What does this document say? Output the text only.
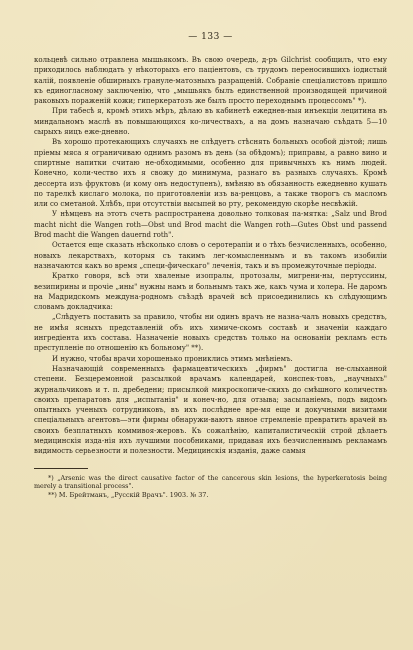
— 133 —

кольцевѣ сильно отравлена мышьякомъ. Въ свою очередь, д-ръ Gilchrist сообщилъ, что ему приходилось наблюдать у нѣкоторыхъ его пацiентовъ, съ трудомъ переносившихъ iодистый калiй, появленiе обширныхъ грануле-матозныхъ разращенiй. Собранiе спецiалистовъ пришло къ единогласному заключенiю, что „мышьякъ былъ единственной производящей причиной раковыхъ пораженiй кожи; гиперкератозъ же былъ просто переходнымъ процессомъ" *).

При табесѣ я, кромѣ этихъ мѣръ, дѣлаю въ кабинетѣ ежеднев-ныя инъекцiи лецитина въ миндальномъ маслѣ въ повышающихся ко-личествахъ, а на домъ назначаю съѣдать 5—10 сырыхъ яицъ еже-дневно.

Въ хорошо протекающихъ случаяхъ не слѣдуетъ стѣснять больныхъ особой дiэтой; лишь прiемы мяса я ограничиваю однимъ разомъ въ день (за обѣдомъ); приправы, а равно вино и спиртные напитки считаю не-обходимыми, особенно для привычныхъ къ нимъ людей. Конечно, коли-чество ихъ я свожу до минимума, разнаго въ разныхъ случаяхъ. Кромѣ дессерта изъ фруктовъ (и кому онъ недоступенъ), вмѣняю въ обязанность ежедневно кушать по тарелкѣ кислаго молока, по приготовленiи изъ ва-ренцовъ, а также творогъ съ масломъ или со сметаной. Хлѣбъ, при отсутствiи высыпей во рту, рекомендую скорѣе несвѣжiй.

У нѣмцевъ на этотъ счетъ распространена довольно толковая па-мятка: „Salz und Brod macht nicht die Wangen roth—Obst und Brod macht die Wangen roth—Gutes Obst und passend Brod macht die Wangen dauernd roth".

Остается еще сказать нѣсколько словъ о серотерапiи и о тѣхъ безчисленныхъ, особенно, новыхъ лекарствахъ, которыя съ такимъ лег-комысленнымъ и въ такомъ изобилiи назначаются какъ во время „специ-фическаго" леченiя, такъ и въ промежуточные перiоды.

Кратко говоря, всѣ эти хваленые изопралы, протозалы, мигрени-ны, пертуссины, везипирины и прочiе „ины" нужны намъ и больнымъ такъ же, какъ чума и холера. Не даромъ на Мадридскомъ междуна-родномъ съѣздѣ врачей всѣ присоединились къ слѣдующимъ словамъ докладчика:

„Слѣдуетъ поставить за правило, чтобы ни одинъ врачъ не назна-чалъ новыхъ средствъ, не имѣя ясныхъ представленiй объ ихъ химиче-скомъ составѣ и значенiи каждаго ингредiента ихъ состава. Назначенiе новыхъ средствъ только на основанiи рекламъ есть преступленiе по отношенiю къ больному" **).

И нужно, чтобы врачи хорошенько прониклись этимъ мнѣнiемъ.

Назначающiй современныхъ фармацевтическихъ „фирмъ" достигла не-слыханной степени. Безцеремонной разсылкой врачамъ календарей, конспек-товъ, „научныхъ" журнальчиковъ и т. п. дребедени; присылкой микроскопиче-скихъ до смѣшного количествъ своихъ препаратовъ для „испытанiя" и конеч-но, для отзыва; засыланiемъ, подъ видомъ опытныхъ ученыхъ сотрудниковъ, въ ихъ послѣднее вре-мя еще и докучными визитами спецiальныхъ агентовъ—эти фирмы обнаружи-ваютъ явное стремленiе превратить врачей въ своихъ безплатныхъ коммивоя-жеровъ. Къ сожалѣнiю, капиталистическiй строй дѣлаетъ медицинскiя изда-нiя ихъ лучшими пособниками, придавая ихъ безчисленнымъ рекламамъ видимость серьезности и полезности. Медицинскiя изданiя, даже самыя

*) „Arsenic was the direct causative factor of the cancerous skin lesions, the hyperkeratosis being merely a transitional process".

**) М. Брейтманъ, „Русскiй Врачъ". 1903. № 37.
